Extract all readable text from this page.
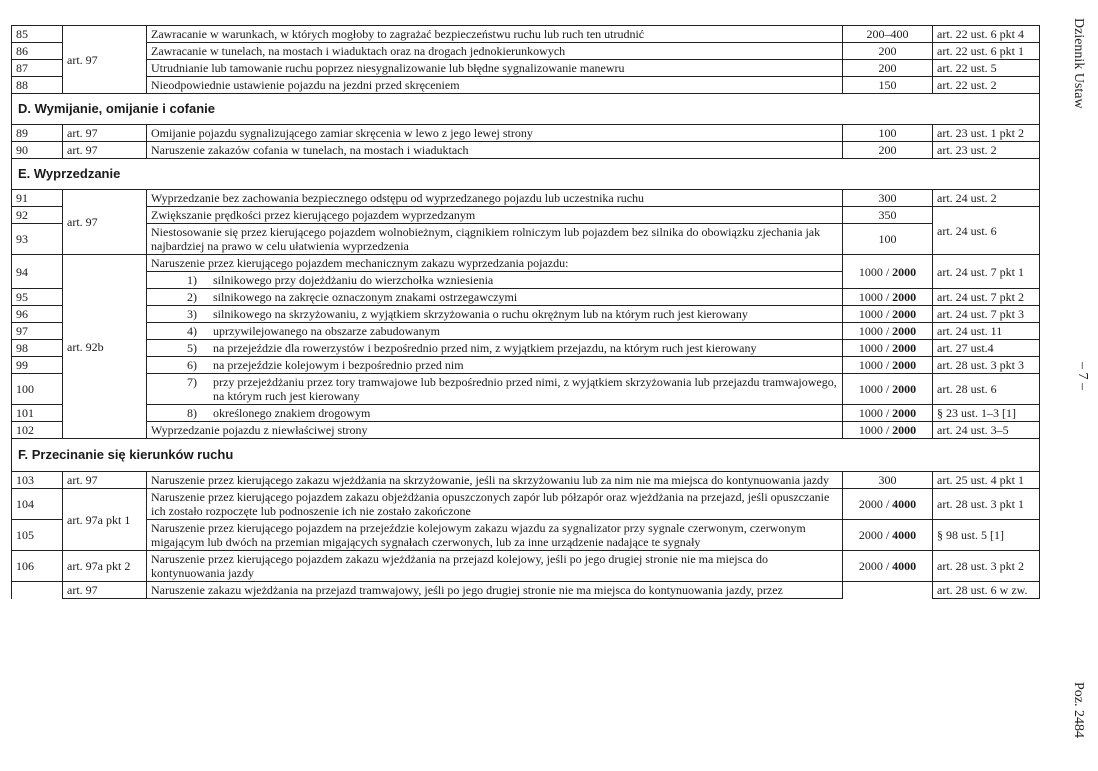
85	art. 97	Zawracanie w warunkach, w których mogłoby to zagrażać bezpieczeństwu ruchu lub ruch ten utrudnić	200–400	art. 22 ust. 6 pkt 4
86		Zawracanie w tunelach, na mostach i wiaduktach oraz na drogach jednokierunkowych	200	art. 22 ust. 6 pkt 1
87		Utrudnianie lub tamowanie ruchu poprzez niesygnalizowanie lub błędne sygnalizowanie manewru	200	art. 22 ust. 5
88		Nieodpowiednie ustawienie pojazdu na jezdni przed skręceniem	150	art. 22 ust. 2
D. Wymijanie, omijanie i cofanie				
89	art. 97	Omijanie pojazdu sygnalizującego zamiar skręcenia w lewo z jego lewej strony	100	art. 23 ust. 1 pkt 2
90	art. 97	Naruszenie zakazów cofania w tunelach, na mostach i wiaduktach	200	art. 23 ust. 2
E. Wyprzedzanie				
91	art. 97	Wyprzedzanie bez zachowania bezpiecznego odstępu od wyprzedzanego pojazdu lub uczestnika ruchu	300	art. 24 ust. 2
92		Zwiększanie prędkości przez kierującego pojazdem wyprzedzanym	350	art. 24 ust. 6
93		Niestosowanie się przez kierującego pojazdem wolnobieżnym, ciągnikiem rolniczym lub pojazdem bez silnika do obowiązku zjechania jak najbardziej na prawo w celu ułatwienia wyprzedzenia	100	
94	art. 92b	Naruszenie przez kierującego pojazdem mechanicznym zakazu wyprzedzania pojazdu:	1000 / 2000	art. 24 ust. 7 pkt 1
		1) silnikowego przy dojeżdżaniu do wierzchołka wzniesienia		
95		2) silnikowego na zakręcie oznaczonym znakami ostrzegawczymi	1000 / 2000	art. 24 ust. 7 pkt 2
96		3) silnikowego na skrzyżowaniu, z wyjątkiem skrzyżowania o ruchu okrężnym lub na którym ruch jest kierowany	1000 / 2000	art. 24 ust. 7 pkt 3
97		4) uprzywilejowanego na obszarze zabudowanym	1000 / 2000	art. 24 ust. 11
98		5) na przejeździe dla rowerzystów i bezpośrednio przed nim, z wyjątkiem przejazdu, na którym ruch jest kierowany	1000 / 2000	art. 27 ust.4
99		6) na przejeździe kolejowym i bezpośrednio przed nim	1000 / 2000	art. 28 ust. 3 pkt 3
100		7) przy przejeżdżaniu przez tory tramwajowe lub bezpośrednio przed nimi, z wyjątkiem skrzyżowania lub przejazdu tramwajowego, na którym ruch jest kierowany	1000 / 2000	art. 28 ust. 6
101		8) określonego znakiem drogowym	1000 / 2000	§ 23 ust. 1–3 [1]
102		Wyprzedzanie pojazdu z niewłaściwej strony	1000 / 2000	art. 24 ust. 3–5
F. Przecinanie się kierunków ruchu				
103	art. 97	Naruszenie przez kierującego zakazu wjeżdżania na skrzyżowanie, jeśli na skrzyżowaniu lub za nim nie ma miejsca do kontynuowania jazdy	300	art. 25 ust. 4 pkt 1
104	art. 97a pkt 1	Naruszenie przez kierującego pojazdem zakazu objeżdżania opuszczonych zapór lub półzapór oraz wjeżdżania na przejazd, jeśli opuszczanie ich zostało rozpoczęte lub podnoszenie ich nie zostało zakończone	2000 / 4000	art. 28 ust. 3 pkt 1
105		Naruszenie przez kierującego pojazdem na przejeździe kolejowym zakazu wjazdu za sygnalizator przy sygnale czerwonym, czerwonym migającym lub dwóch na przemian migających sygnałach czerwonych, lub za inne urządzenie nadające te sygnały	2000 / 4000	§ 98 ust. 5 [1]
106	art. 97a pkt 2	Naruszenie przez kierującego pojazdem zakazu wjeżdżania na przejazd kolejowy, jeśli po jego drugiej stronie nie ma miejsca do kontynuowania jazdy	2000 / 4000	art. 28 ust. 3 pkt 2
	art. 97	Naruszenie zakazu wjeżdżania na przejazd tramwajowy, jeśli po jego drugiej stronie nie ma miejsca do kontynuowania jazdy, przez		art. 28 ust. 6 w zw.
Dziennik Ustaw
– 7 –
Poz. 2484
